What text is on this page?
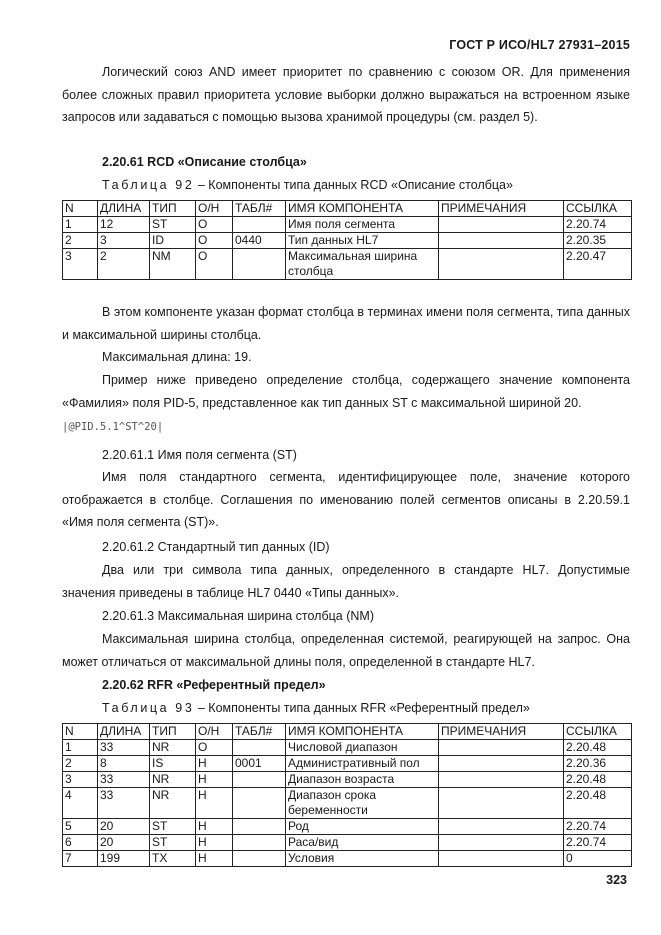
ГОСТ Р ИСО/HL7 27931–2015
Логический союз AND имеет приоритет по сравнению с союзом OR. Для применения более сложных правил приоритета условие выборки должно выражаться на встроенном языке запросов или задаваться с помощью вызова хранимой процедуры (см. раздел 5).
2.20.61 RCD «Описание столбца»
Таблица 92 – Компоненты типа данных RCD «Описание столбца»
N	ДЛИНА	ТИП	О/Н	ТАБЛ#	ИМЯ КОМПОНЕНТА	ПРИМЕЧАНИЯ	ССЫЛКА
1	12	ST	O		Имя поля сегмента		2.20.74
2	3	ID	O	0440	Тип данных HL7		2.20.35
3	2	NM	O		Максимальная ширина столбца		2.20.47
В этом компоненте указан формат столбца в терминах имени поля сегмента, типа данных и максимальной ширины столбца.
Максимальная длина: 19.
Пример ниже приведено определение столбца, содержащего значение компонента «Фамилия» поля PID-5, представленное как тип данных ST с максимальной шириной 20.
|@PID.5.1^ST^20|
2.20.61.1 Имя поля сегмента (ST)
Имя поля стандартного сегмента, идентифицирующее поле, значение которого отображается в столбце. Соглашения по именованию полей сегментов описаны в 2.20.59.1 «Имя поля сегмента (ST)».
2.20.61.2 Стандартный тип данных (ID)
Два или три символа типа данных, определенного в стандарте HL7. Допустимые значения приведены в таблице HL7 0440 «Типы данных».
2.20.61.3 Максимальная ширина столбца (NM)
Максимальная ширина столбца, определенная системой, реагирующей на запрос. Она может отличаться от максимальной длины поля, определенной в стандарте HL7.
2.20.62 RFR «Референтный предел»
Таблица 93 – Компоненты типа данных RFR «Референтный предел»
N	ДЛИНА	ТИП	О/Н	ТАБЛ#	ИМЯ КОМПОНЕНТА	ПРИМЕЧАНИЯ	ССЫЛКА
1	33	NR	O		Числовой диапазон		2.20.48
2	8	IS	Н	0001	Административный пол		2.20.36
3	33	NR	Н		Диапазон возраста		2.20.48
4	33	NR	Н		Диапазон срока беременности		2.20.48
5	20	ST	Н		Род		2.20.74
6	20	ST	Н		Раса/вид		2.20.74
7	199	TX	Н		Условия		0
323
